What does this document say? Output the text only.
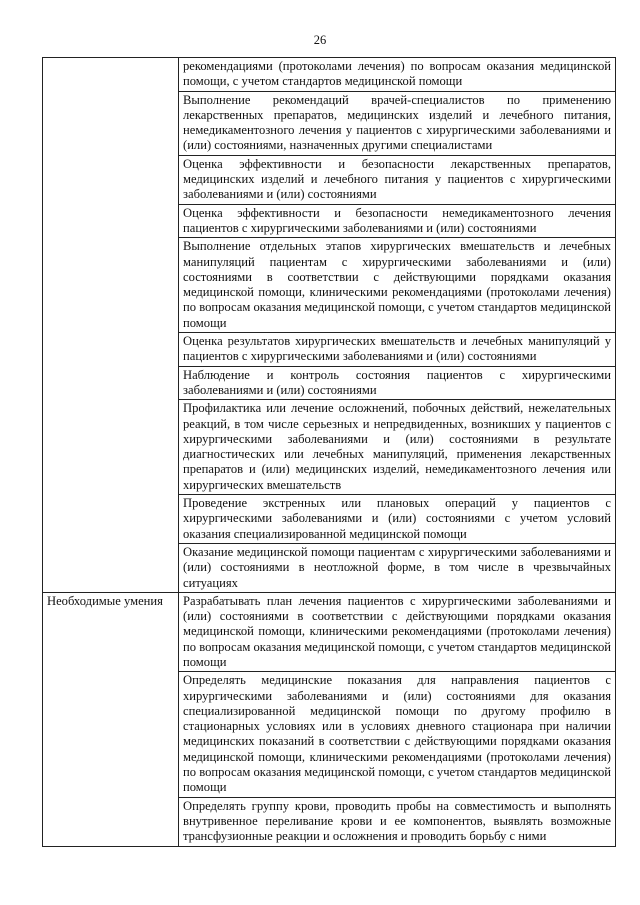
26
	рекомендациями (протоколами лечения) по вопросам оказания медицинской помощи, с учетом стандартов медицинской помощи
	Выполнение рекомендаций врачей-специалистов по применению лекарственных препаратов, медицинских изделий и лечебного питания, немедикаментозного лечения у пациентов с хирургическими заболеваниями и (или) состояниями, назначенных другими специалистами
	Оценка эффективности и безопасности лекарственных препаратов, медицинских изделий и лечебного питания у пациентов с хирургическими заболеваниями и (или) состояниями
	Оценка эффективности и безопасности немедикаментозного лечения пациентов с хирургическими заболеваниями и (или) состояниями
	Выполнение отдельных этапов хирургических вмешательств и лечебных манипуляций пациентам с хирургическими заболеваниями и (или) состояниями в соответствии с действующими порядками оказания медицинской помощи, клиническими рекомендациями (протоколами лечения) по вопросам оказания медицинской помощи, с учетом стандартов медицинской помощи
	Оценка результатов хирургических вмешательств и лечебных манипуляций у пациентов с хирургическими заболеваниями и (или) состояниями
	Наблюдение и контроль состояния пациентов с хирургическими заболеваниями и (или) состояниями
	Профилактика или лечение осложнений, побочных действий, нежелательных реакций, в том числе серьезных и непредвиденных, возникших у пациентов с хирургическими заболеваниями и (или) состояниями в результате диагностических или лечебных манипуляций, применения лекарственных препаратов и (или) медицинских изделий, немедикаментозного лечения или хирургических вмешательств
	Проведение экстренных или плановых операций у пациентов с хирургическими заболеваниями и (или) состояниями с учетом условий оказания специализированной медицинской помощи
	Оказание медицинской помощи пациентам с хирургическими заболеваниями и (или) состояниями в неотложной форме, в том числе в чрезвычайных ситуациях
Необходимые умения	Разрабатывать план лечения пациентов с хирургическими заболеваниями и (или) состояниями в соответствии с действующими порядками оказания медицинской помощи, клиническими рекомендациями (протоколами лечения) по вопросам оказания медицинской помощи, с учетом стандартов медицинской помощи
	Определять медицинские показания для направления пациентов с хирургическими заболеваниями и (или) состояниями для оказания специализированной медицинской помощи по другому профилю в стационарных условиях или в условиях дневного стационара при наличии медицинских показаний в соответствии с действующими порядками оказания медицинской помощи, клиническими рекомендациями (протоколами лечения) по вопросам оказания медицинской помощи, с учетом стандартов медицинской помощи
	Определять группу крови, проводить пробы на совместимость и выполнять внутривенное переливание крови и ее компонентов, выявлять возможные трансфузионные реакции и осложнения и проводить борьбу с ними
